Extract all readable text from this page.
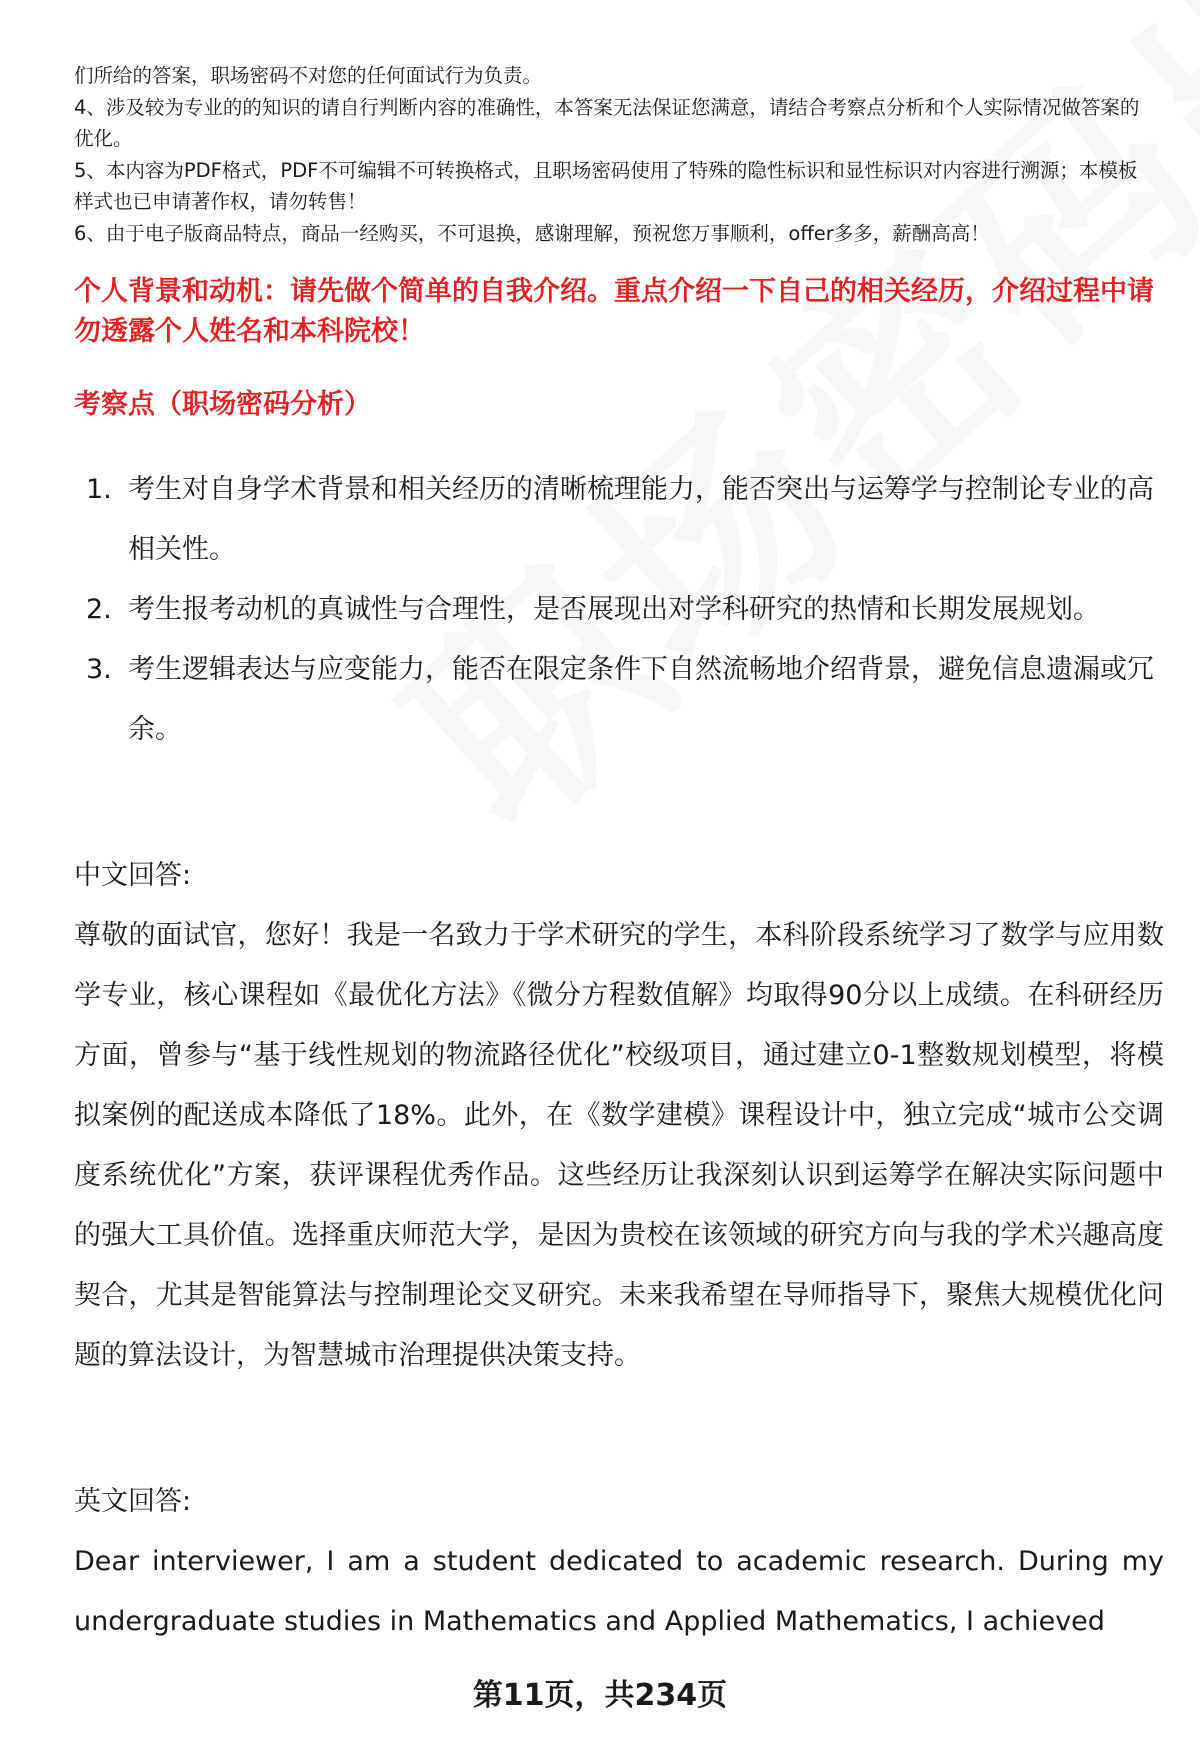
们所给的答案，职场密码不对您的任何面试行为负责。

4、涉及较为专业的的知识的请自行判断内容的准确性，本答案无法保证您满意，请结合考察点分析和个人实际情况做答案的优化。

5、本内容为PDF格式，PDF不可编辑不可转换格式，且职场密码使用了特殊的隐性标识和显性标识对内容进行溯源；本模板样式也已申请著作权，请勿转售！

6、由于电子版商品特点，商品一经购买，不可退换，感谢理解，预祝您万事顺利，offer多多，薪酬高高！

个人背景和动机：请先做个简单的自我介绍。重点介绍一下自己的相关经历，介绍过程中请勿透露个人姓名和本科院校！
考察点（职场密码分析）
1. 考生对自身学术背景和相关经历的清晰梳理能力，能否突出与运筹学与控制论专业的高相关性。
2. 考生报考动机的真诚性与合理性，是否展现出对学科研究的热情和长期发展规划。
3. 考生逻辑表达与应变能力，能否在限定条件下自然流畅地介绍背景，避免信息遗漏或冗余。
中文回答:

尊敬的面试官，您好！我是一名致力于学术研究的学生，本科阶段系统学习了数学与应用数学专业，核心课程如《最优化方法》《微分方程数值解》均取得90分以上成绩。在科研经历方面，曾参与“基于线性规划的物流路径优化”校级项目，通过建立0-1整数规划模型，将模拟案例的配送成本降低了18%。此外，在《数学建模》课程设计中，独立完成“城市公交调度系统优化”方案，获评课程优秀作品。这些经历让我深刻认识到运筹学在解决实际问题中的强大工具价值。选择重庆师范大学，是因为贵校在该领域的研究方向与我的学术兴趣高度契合，尤其是智能算法与控制理论交叉研究。未来我希望在导师指导下，聚焦大规模优化问题的算法设计，为智慧城市治理提供决策支持。

英文回答:

Dear interviewer, I am a student dedicated to academic research. During my undergraduate studies in Mathematics and Applied Mathematics, I achieved

第11页，共234页
